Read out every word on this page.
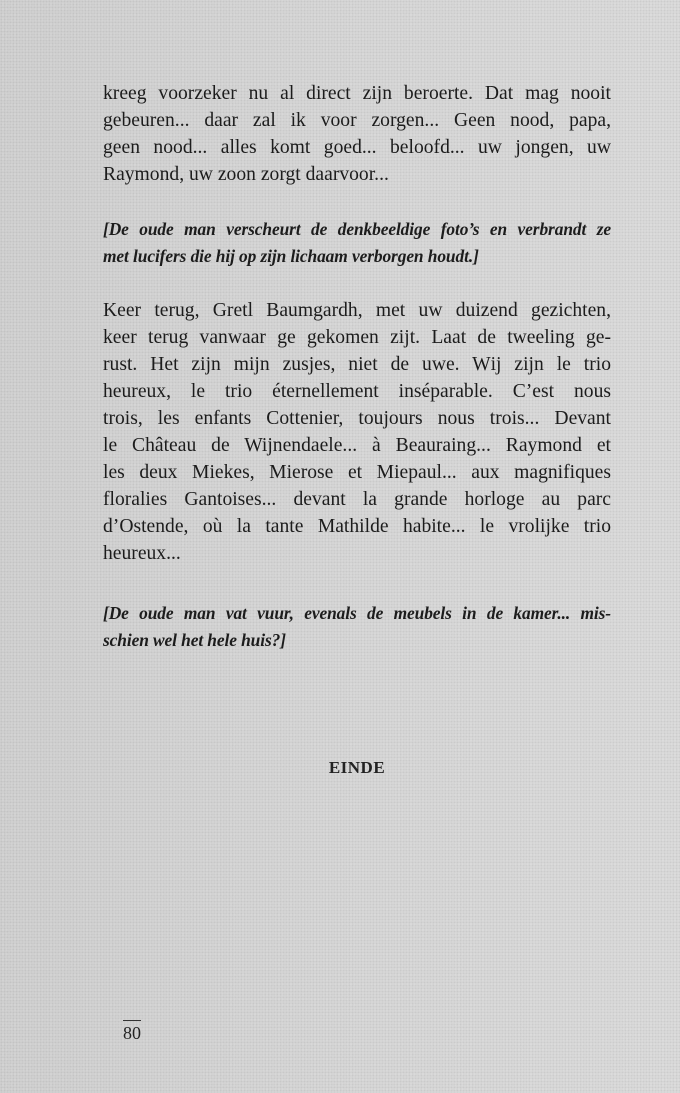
kreeg voorzeker nu al direct zijn beroerte. Dat mag nooit
gebeuren... daar zal ik voor zorgen... Geen nood, papa,
geen nood... alles komt goed... beloofd... uw jongen, uw
Raymond, uw zoon zorgt daarvoor...
[De oude man verscheurt de denkbeeldige foto’s en verbrandt ze
met lucifers die hij op zijn lichaam verborgen houdt.]
Keer terug, Gretl Baumgardh, met uw duizend gezichten,
keer terug vanwaar ge gekomen zijt. Laat de tweeling ge-
rust. Het zijn mijn zusjes, niet de uwe. Wĳ zijn le trio
heureux, le trio éternellement inséparable. C’est nous
trois, les enfants Cottenier, toujours nous trois... Devant
le Château de Wijnendaele... à Beauraing... Raymond et
les deux Miekes, Mierose et Miepaul... aux magnifiques
floralies Gantoises... devant la grande horloge au parc
d’Ostende, où la tante Mathilde habite... le vrolijke trio
heureux...
[De oude man vat vuur, evenals de meubels in de kamer... mis-
schien wel het hele huis?]
EINDE
80
